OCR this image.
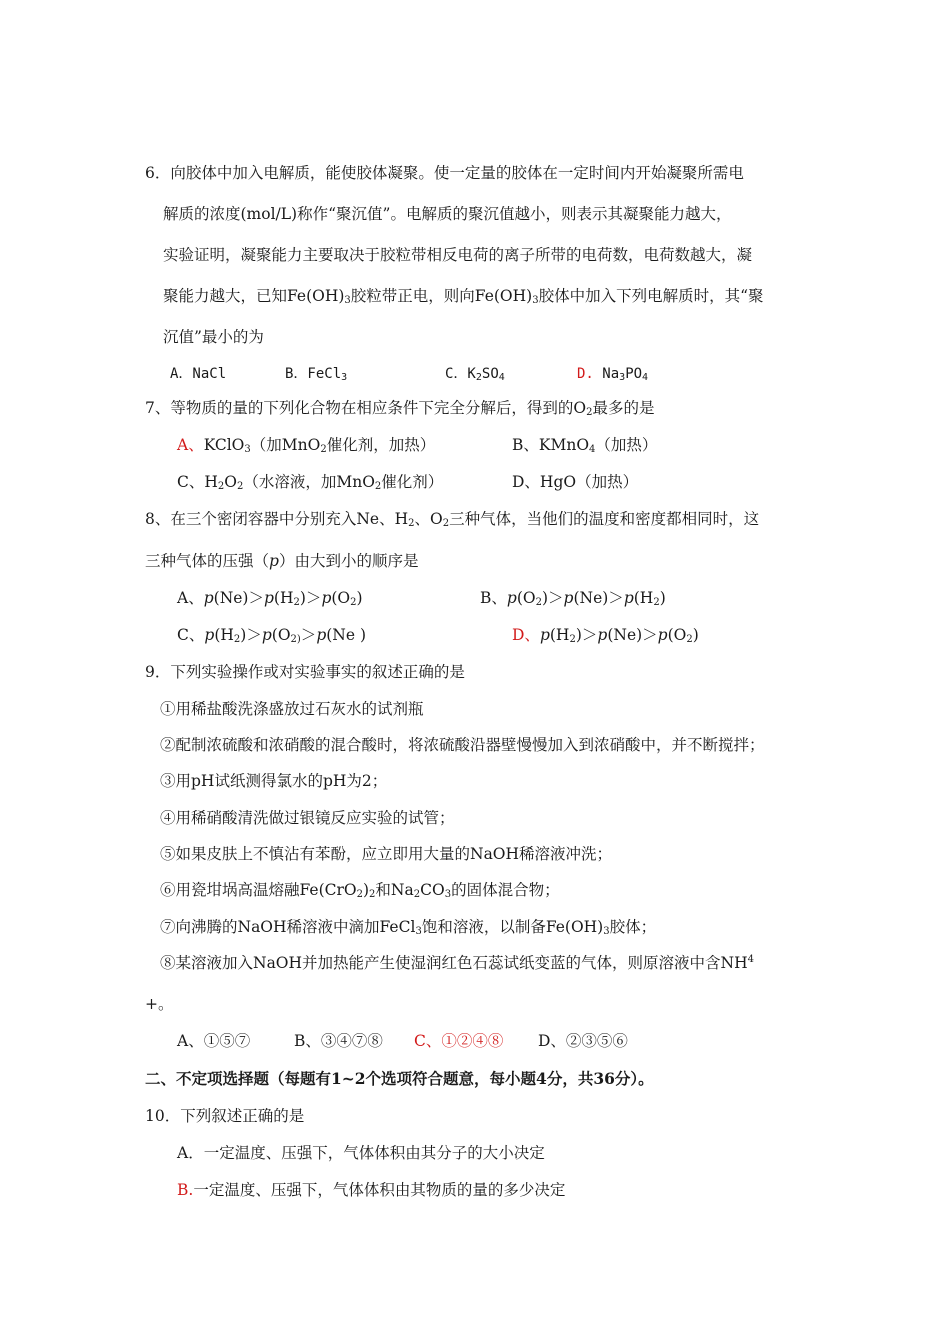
6．向胶体中加入电解质，能使胶体凝聚。使一定量的胶体在一定时间内开始凝聚所需电
解质的浓度(mol/L)称作“聚沉值”。电解质的聚沉值越小，则表示其凝聚能力越大，
实验证明，凝聚能力主要取决于胶粒带相反电荷的离子所带的电荷数，电荷数越大，凝
聚能力越大，已知$Fe(OH)_3$胶粒带正电，则向$Fe(OH)_3$胶体中加入下列电解质时，其“聚
沉值”最小的为
A．NaCl	B．FeCl$_3$	C．$K_2SO_4$	D. $Na_3PO_4$
7、等物质的量的下列化合物在相应条件下完全分解后，得到的$O_2$最多的是
A、KClO$_3$（加MnO$_2$催化剂，加热）	B、KMnO$_4$（加热）
C、$H_2O_2$（水溶液，加MnO$_2$催化剂）	D、HgO（加热）
8、在三个密闭容器中分别充入Ne、$H_2$、$O_2$三种气体，当他们的温度和密度都相同时，这
三种气体的压强（p）由大到小的顺序是
A、$p(Ne)>p(H_2)>p(O_2)$	B、$p(O_2)>p(Ne)>p(H_2)$
C、$p(H_2)>p(O_{2)}>p(Ne$ )	D、$p(H_2)>p(Ne)>p(O_2)$
9．下列实验操作或对实验事实的叙述正确的是
①用稀盐酸洗涤盛放过石灰水的试剂瓶
②配制浓硫酸和浓硝酸的混合酸时，将浓硫酸沿器壁慢慢加入到浓硝酸中，并不断搅拌；
③用pH试纸测得氯水的pH为2；
④用稀硝酸清洗做过银镜反应实验的试管；
⑤如果皮肤上不慎沾有苯酚，应立即用大量的NaOH稀溶液冲洗；
⑥用瓷坩埚高温熔融$Fe(CrO_2)_2$和$Na_2CO_3$的固体混合物；
⑦向沸腾的NaOH稀溶液中滴加FeCl$_3$饱和溶液，以制备$Fe(OH)_3$胶体；
⑧某溶液加入NaOH并加热能产生使湿润红色石蕊试纸变蓝的气体，则原溶液中含$NH^4$
+。
A、①⑤⑦	B、③④⑦⑧ C、①②④⑧ D、②③⑤⑥
二、不定项选择题（每题有1~2个选项符合题意，每小题4分，共36分）。
10．下列叙述正确的是
A．一定温度、压强下，气体体积由其分子的大小决定
B.一定温度、压强下，气体体积由其物质的量的多少决定
